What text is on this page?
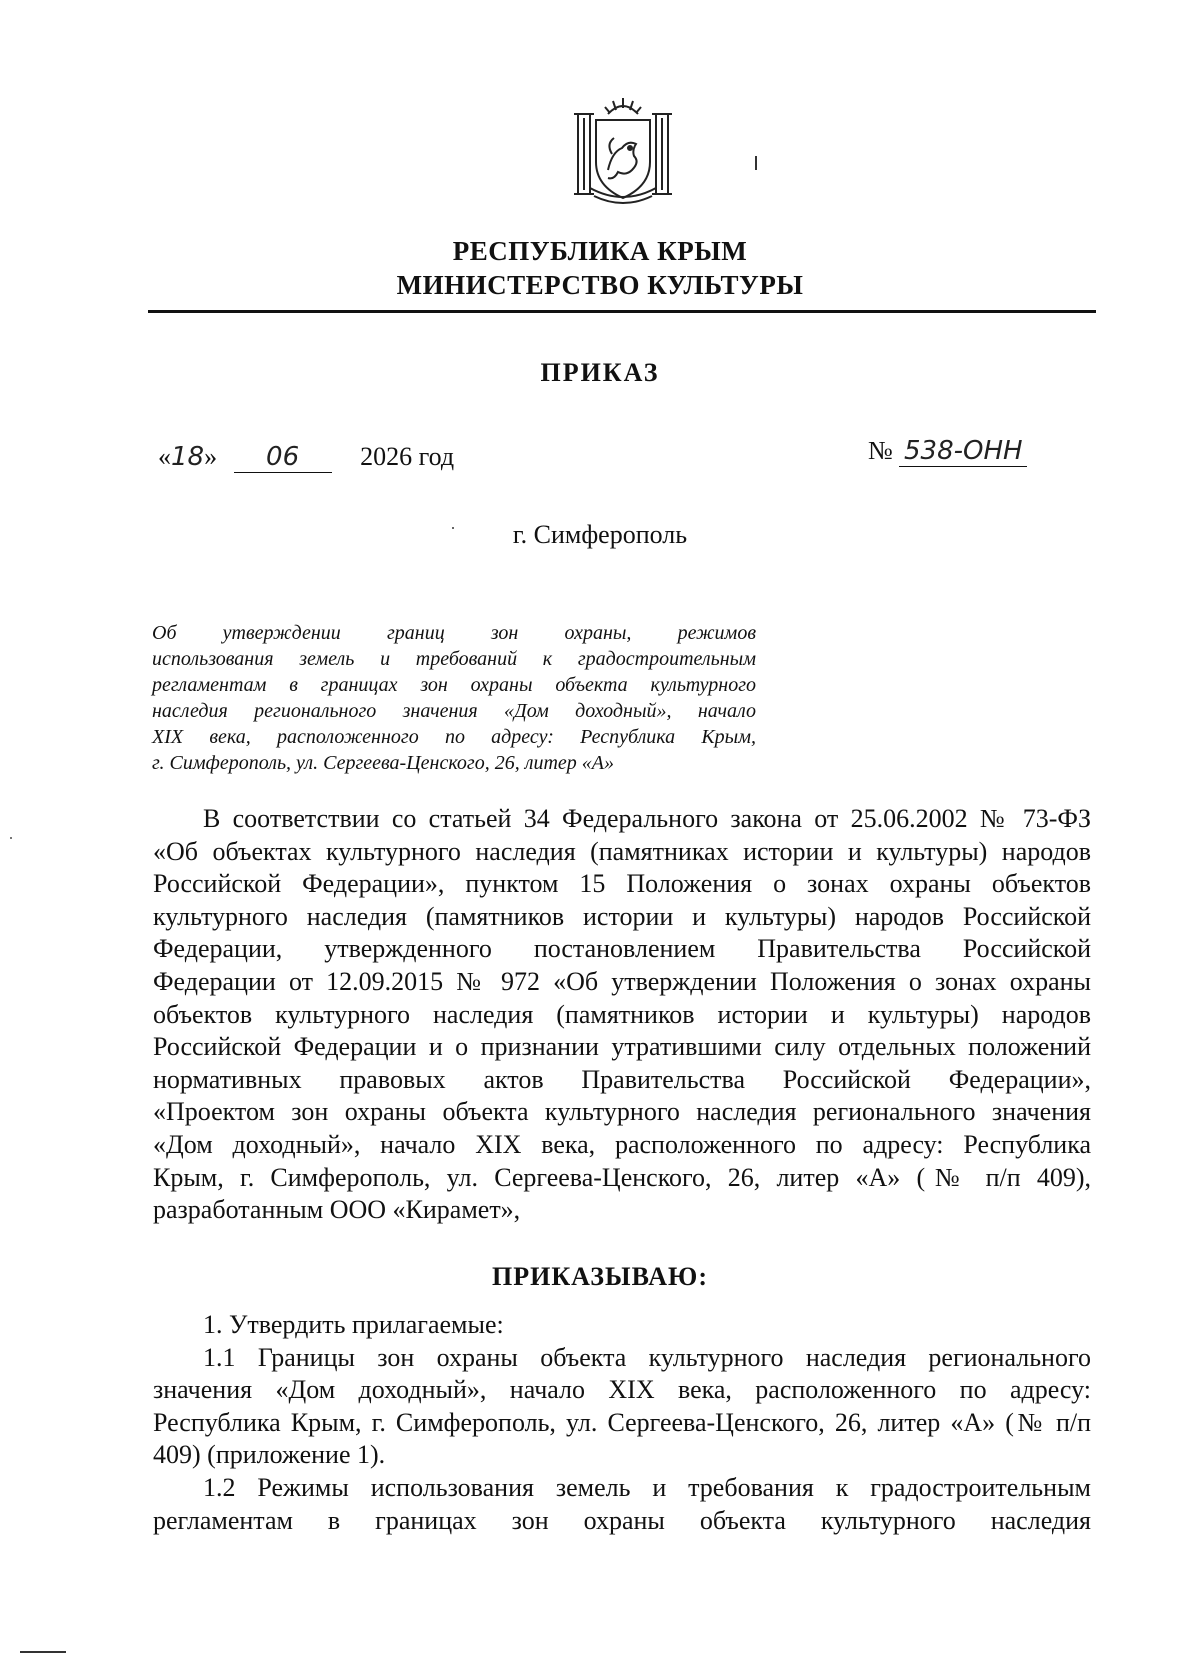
РЕСПУБЛИКА КРЫМ
МИНИСТЕРСТВО КУЛЬТУРЫ
ПРИКАЗ
«18» 06 2026 год	№ 538-ОНН
г. Симферополь
Об утверждении границ зон охраны, режимов
использования земель и требований к градостроительным
регламентам в границах зон охраны объекта культурного
наследия регионального значения «Дом доходный», начало
XIX века, расположенного по адресу: Республика Крым,
г. Симферополь, ул. Сергеева-Ценского, 26, литер «А»
В соответствии со статьей 34 Федерального закона от 25.06.2002 № 73-ФЗ
«Об объектах культурного наследия (памятниках истории и культуры) народов
Российской Федерации», пунктом 15 Положения о зонах охраны объектов
культурного наследия (памятников истории и культуры) народов Российской
Федерации, утвержденного постановлением Правительства Российской
Федерации от 12.09.2015 № 972 «Об утверждении Положения о зонах охраны
объектов культурного наследия (памятников истории и культуры) народов
Российской Федерации и о признании утратившими силу отдельных положений
нормативных правовых актов Правительства Российской Федерации»,
«Проектом зон охраны объекта культурного наследия регионального значения
«Дом доходный», начало XIX века, расположенного по адресу: Республика
Крым, г. Симферополь, ул. Сергеева-Ценского, 26, литер «А» (№ п/п 409),
разработанным ООО «Кирамет»,
ПРИКАЗЫВАЮ:
1. Утвердить прилагаемые:
1.1 Границы зон охраны объекта культурного наследия регионального
значения «Дом доходный», начало XIX века, расположенного по адресу:
Республика Крым, г. Симферополь, ул. Сергеева-Ценского, 26, литер «А» (№ п/п
409) (приложение 1).
1.2 Режимы использования земель и требования к градостроительным
регламентам в границах зон охраны объекта культурного наследия
